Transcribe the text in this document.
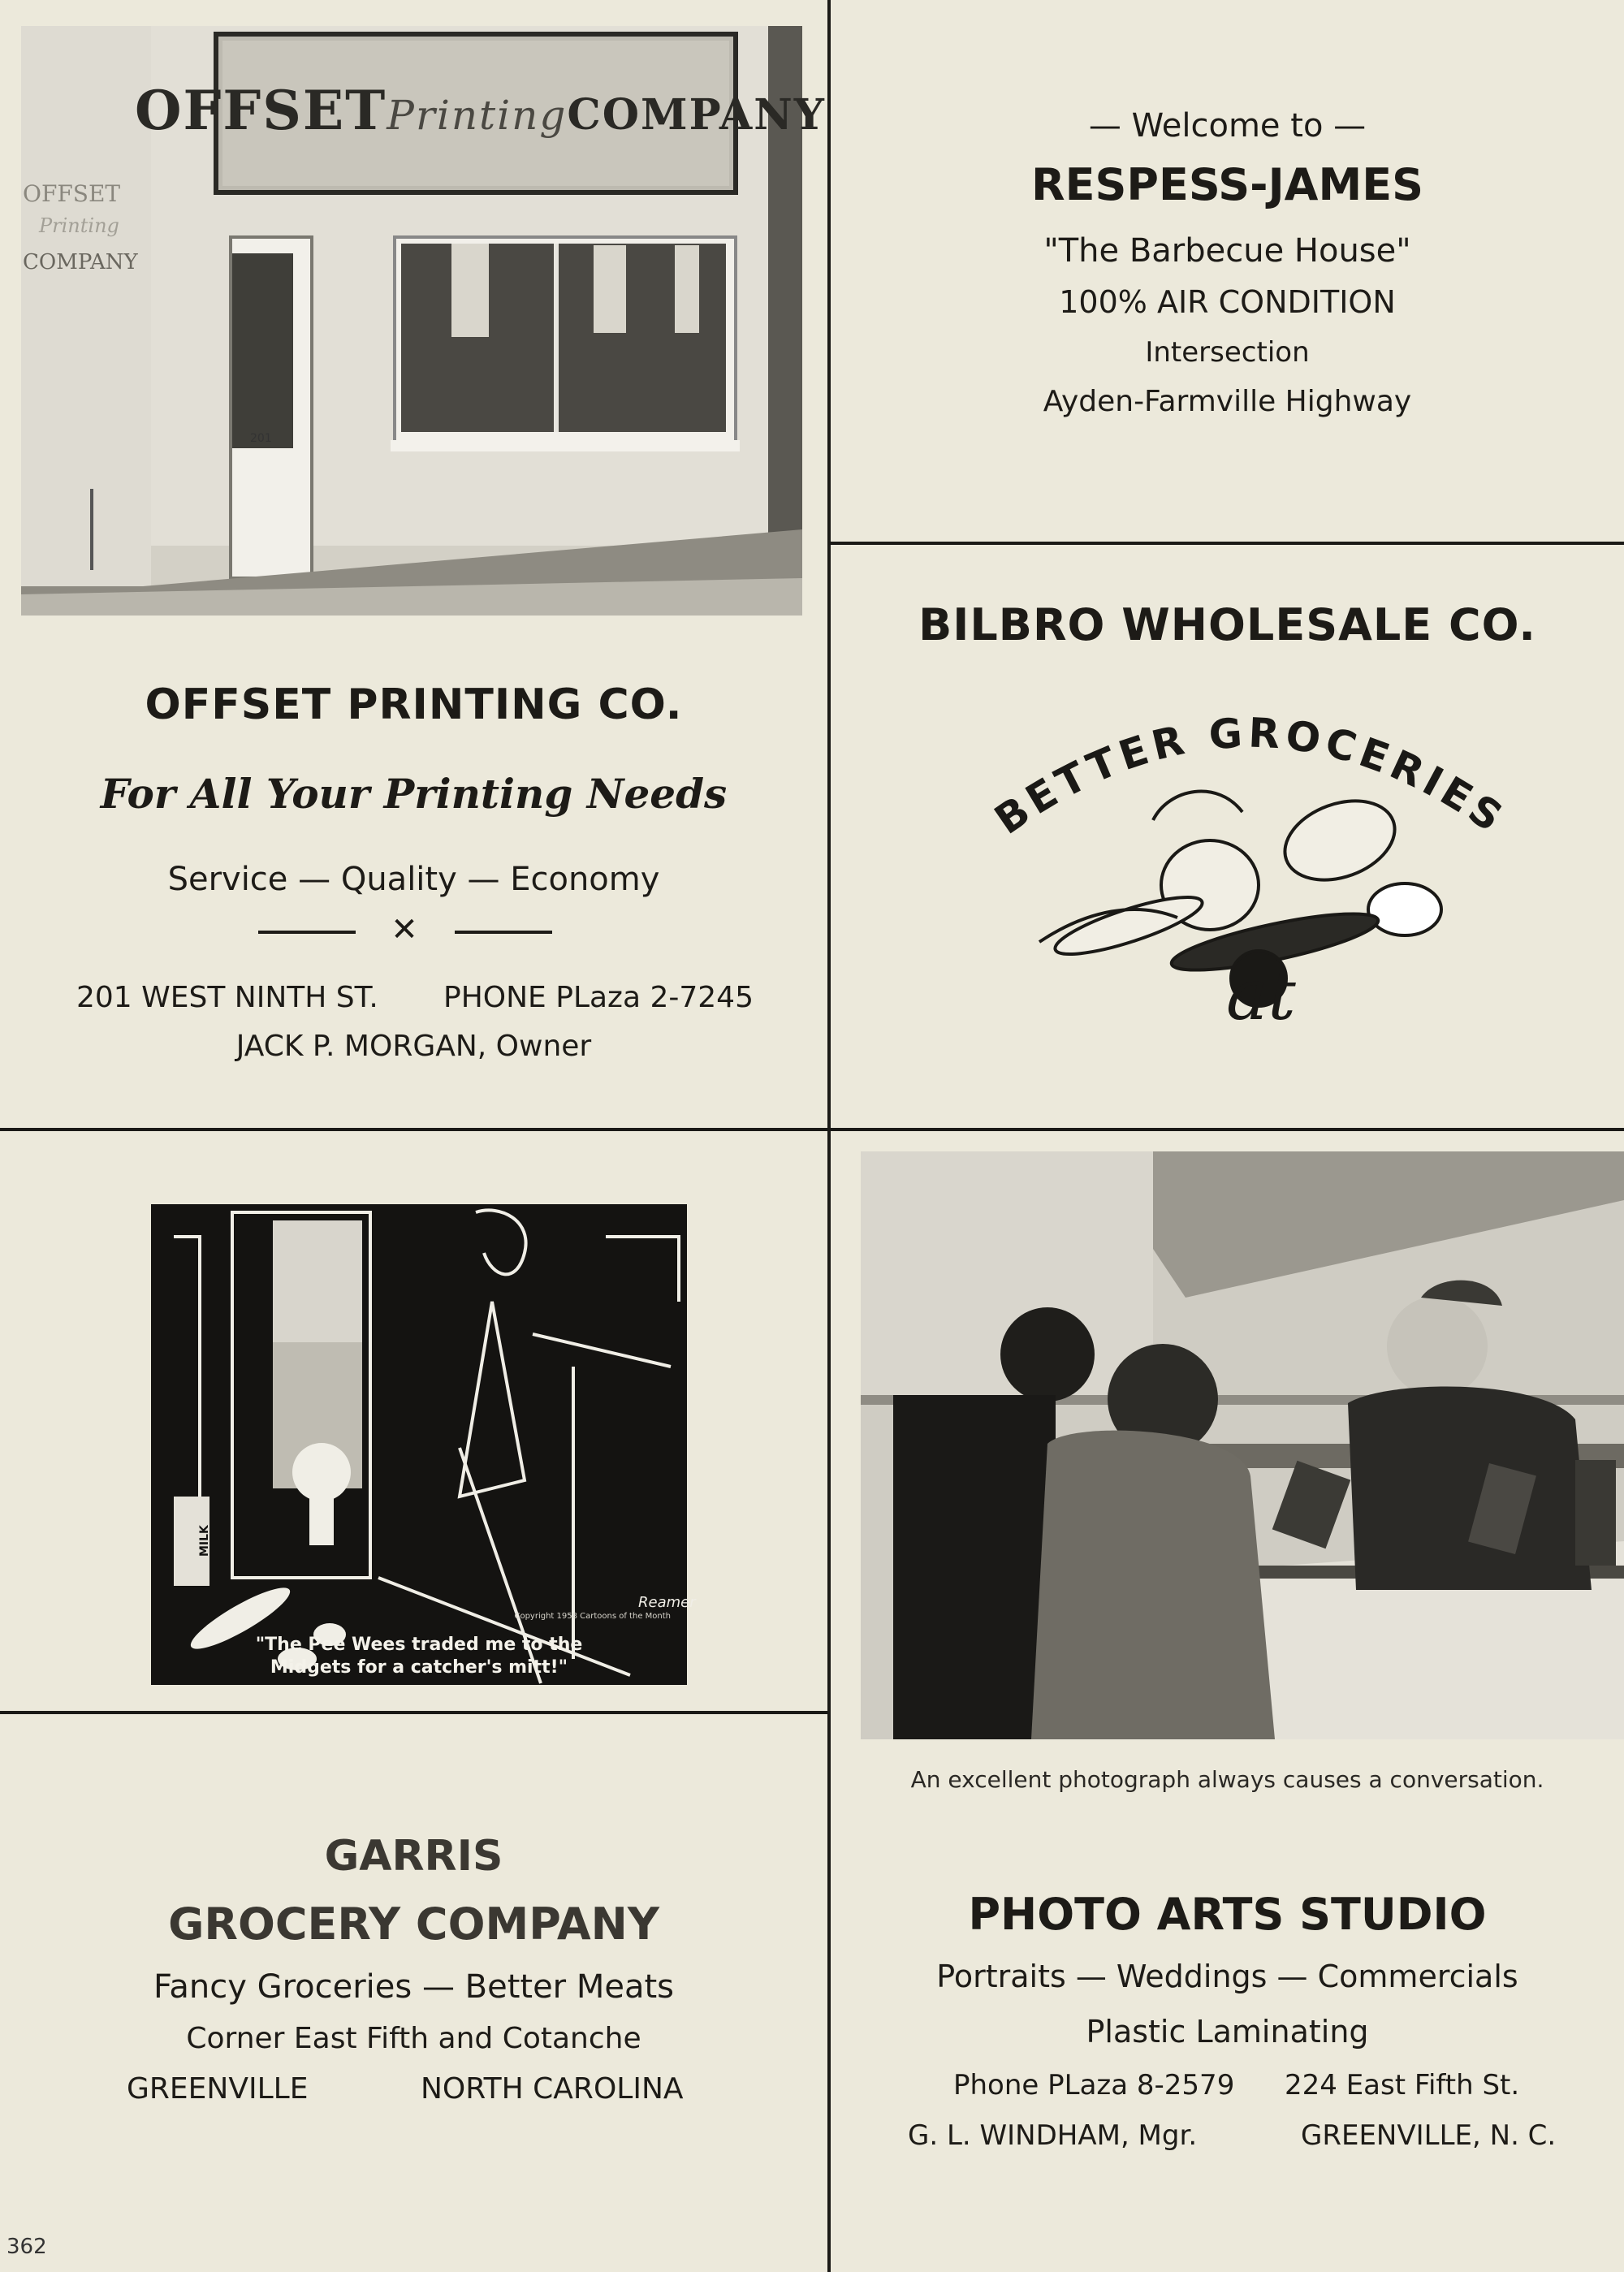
OFFSETPrintingCOMPANY
OFFSET
Printing
COMPANY
201
OFFSET PRINTING CO.
For All Your Printing Needs
Service — Quality — Economy
✕
201 WEST NINTH ST. PHONE PLaza 2-7245
JACK P. MORGAN, Owner
— Welcome to —
RESPESS-JAMES
"The Barbecue House"
100% AIR CONDITION
Intersection
Ayden-Farmville Highway
BILBRO WHOLESALE CO.
BETTER GROCERIES
at
MILK
Reamer
Copyright 1958 Cartoons of the Month
"The Pee Wees traded me to the
Midgets for a catcher's mitt!"
An excellent photograph always causes a conversation.
PHOTO ARTS STUDIO
Portraits — Weddings — Commercials
Plastic Laminating
Phone PLaza 8-2579 224 East Fifth St.
G. L. WINDHAM, Mgr.	GREENVILLE, N. C.
GARRIS
GROCERY COMPANY
Fancy Groceries — Better Meats
Corner East Fifth and Cotanche
GREENVILLE	NORTH CAROLINA
362
